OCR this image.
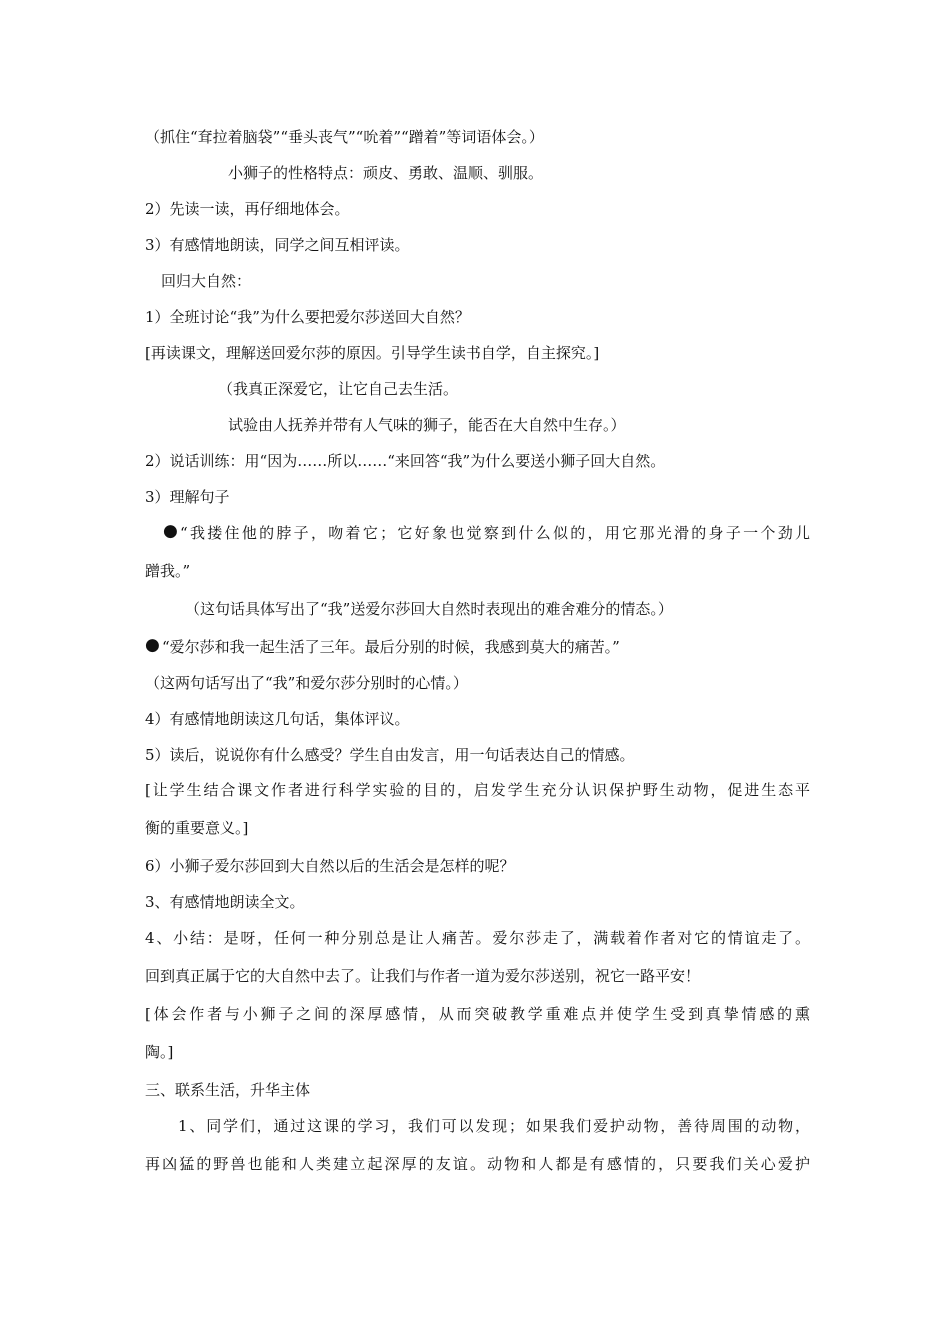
（抓住“耷拉着脑袋”“垂头丧气”“吮着”“蹭着”等词语体会。）
小狮子的性格特点：顽皮、勇敢、温顺、驯服。
2）先读一读，再仔细地体会。
3）有感情地朗读，同学之间互相评读。
回归大自然：
1）全班讨论“我”为什么要把爱尔莎送回大自然？
[再读课文，理解送回爱尔莎的原因。引导学生读书自学，自主探究。]
（我真正深爱它，让它自己去生活。
试验由人抚养并带有人气味的狮子，能否在大自然中生存。）
2）说话训练：用“因为……所以……“来回答“我”为什么要送小狮子回大自然。
3）理解句子
● “我搂住他的脖子，吻着它；它好象也觉察到什么似的，用它那光滑的身子一个劲儿
蹭我。”
（这句话具体写出了“我”送爱尔莎回大自然时表现出的难舍难分的情态。）
● “爱尔莎和我一起生活了三年。最后分别的时候，我感到莫大的痛苦。”
（这两句话写出了“我”和爱尔莎分别时的心情。）
4）有感情地朗读这几句话，集体评议。
5）读后，说说你有什么感受？学生自由发言，用一句话表达自己的情感。
[让学生结合课文作者进行科学实验的目的，启发学生充分认识保护野生动物，促进生态平
衡的重要意义。]
6）小狮子爱尔莎回到大自然以后的生活会是怎样的呢？
3、有感情地朗读全文。
4、小结：是呀，任何一种分别总是让人痛苦。爱尔莎走了，满载着作者对它的情谊走了。
回到真正属于它的大自然中去了。让我们与作者一道为爱尔莎送别，祝它一路平安！
[体会作者与小狮子之间的深厚感情，从而突破教学重难点并使学生受到真挚情感的熏
陶。]
三、联系生活，升华主体
1、同学们，通过这课的学习，我们可以发现；如果我们爱护动物，善待周围的动物，
再凶猛的野兽也能和人类建立起深厚的友谊。动物和人都是有感情的，只要我们关心爱护
